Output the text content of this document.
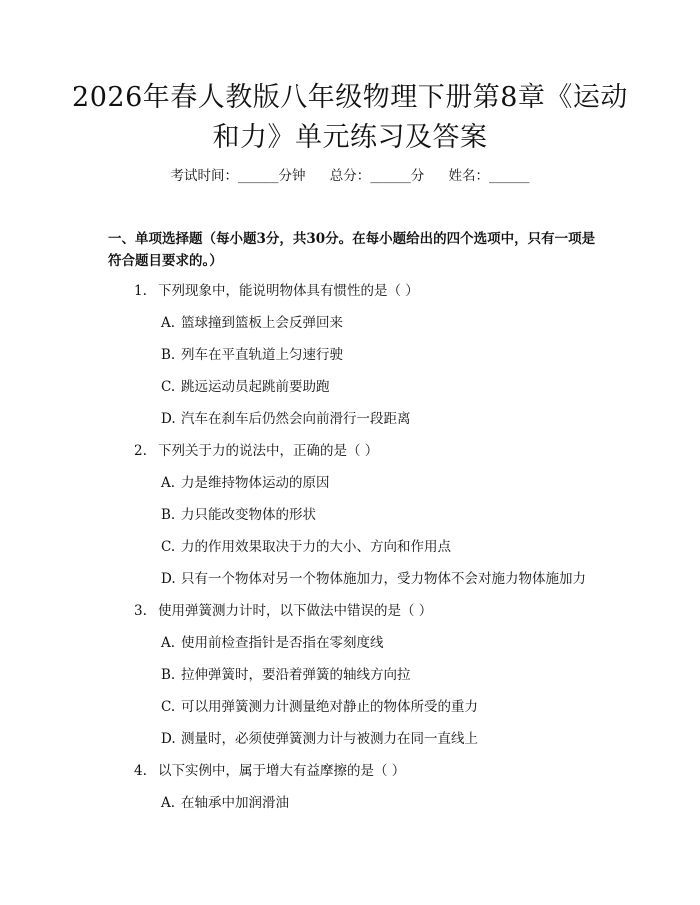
2026年春人教版八年级物理下册第8章《运动和力》单元练习及答案
考试时间：______分钟 总分：______分 姓名：______

一、单项选择题（每小题3分，共30分。在每小题给出的四个选项中，只有一项是符合题目要求的。）

1. 下列现象中，能说明物体具有惯性的是（ ）
A. 篮球撞到篮板上会反弹回来
B. 列车在平直轨道上匀速行驶
C. 跳远运动员起跳前要助跑
D. 汽车在刹车后仍然会向前滑行一段距离
2. 下列关于力的说法中，正确的是（ ）
A. 力是维持物体运动的原因
B. 力只能改变物体的形状
C. 力的作用效果取决于力的大小、方向和作用点
D. 只有一个物体对另一个物体施加力，受力物体不会对施力物体施加力
3. 使用弹簧测力计时，以下做法中错误的是（ ）
A. 使用前检查指针是否指在零刻度线
B. 拉伸弹簧时，要沿着弹簧的轴线方向拉
C. 可以用弹簧测力计测量绝对静止的物体所受的重力
D. 测量时，必须使弹簧测力计与被测力在同一直线上
4. 以下实例中，属于增大有益摩擦的是（ ）
A. 在轴承中加润滑油
